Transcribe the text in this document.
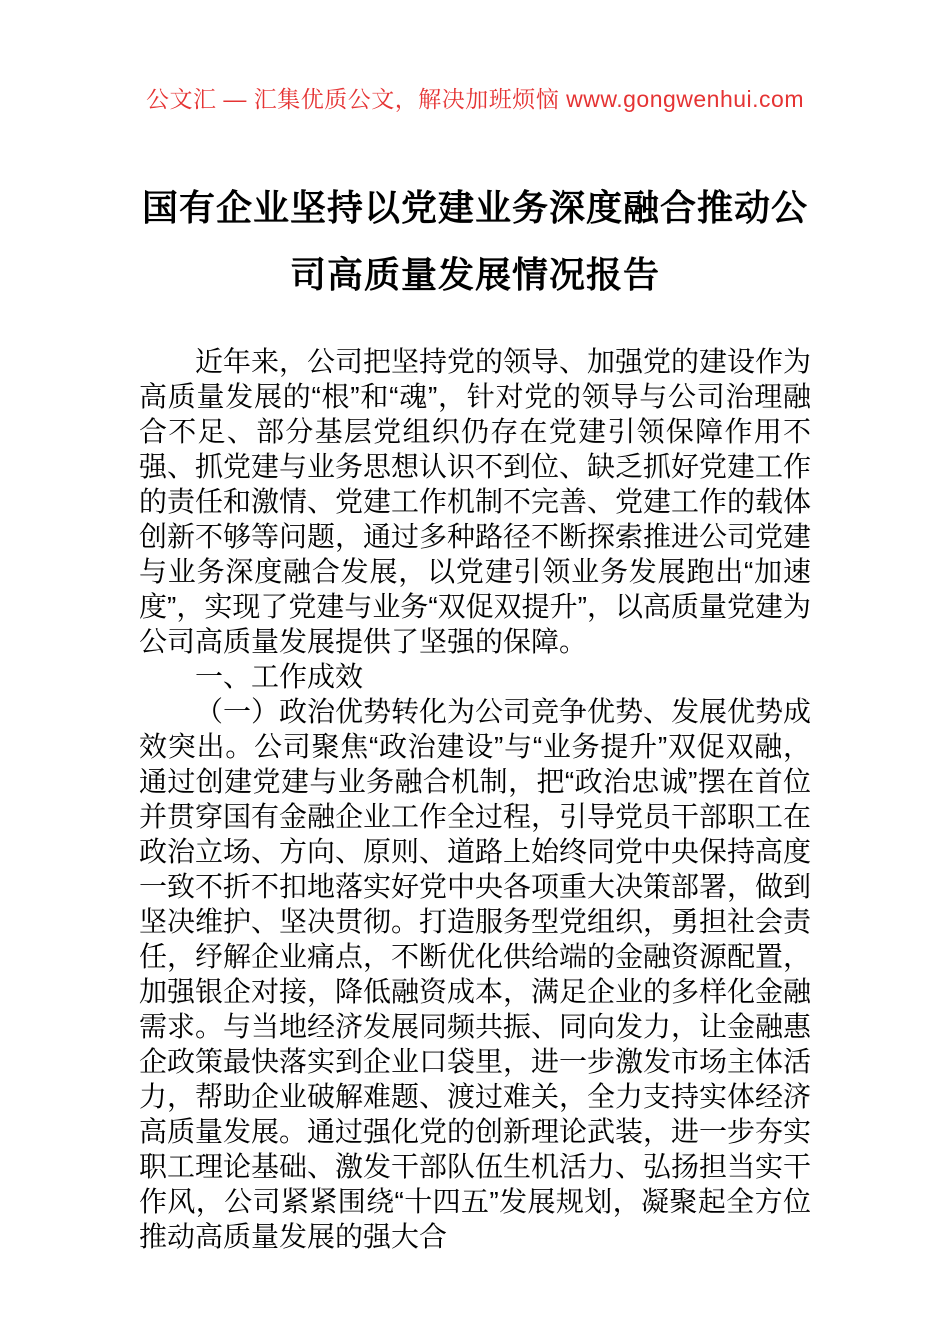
公文汇 — 汇集优质公文，解决加班烦恼 www.gongwenhui.com
国有企业坚持以党建业务深度融合推动公
司高质量发展情况报告

近年来，公司把坚持党的领导、加强党的建设作为高质量发展的“根”和“魂”，针对党的领导与公司治理融合不足、部分基层党组织仍存在党建引领保障作用不强、抓党建与业务思想认识不到位、缺乏抓好党建工作的责任和激情、党建工作机制不完善、党建工作的载体创新不够等问题，通过多种路径不断探索推进公司党建与业务深度融合发展，以党建引领业务发展跑出“加速度”，实现了党建与业务“双促双提升”，以高质量党建为公司高质量发展提供了坚强的保障。

一、工作成效

（一）政治优势转化为公司竞争优势、发展优势成效突出。公司聚焦“政治建设”与“业务提升”双促双融，通过创建党建与业务融合机制，把“政治忠诚”摆在首位并贯穿国有金融企业工作全过程，引导党员干部职工在政治立场、方向、原则、道路上始终同党中央保持高度一致不折不扣地落实好党中央各项重大决策部署，做到坚决维护、坚决贯彻。打造服务型党组织，勇担社会责任，纾解企业痛点，不断优化供给端的金融资源配置，加强银企对接，降低融资成本，满足企业的多样化金融需求。与当地经济发展同频共振、同向发力，让金融惠企政策最快落实到企业口袋里，进一步激发市场主体活力，帮助企业破解难题、渡过难关，全力支持实体经济高质量发展。通过强化党的创新理论武装，进一步夯实职工理论基础、激发干部队伍生机活力、弘扬担当实干作风，公司紧紧围绕“十四五”发展规划，凝聚起全方位推动高质量发展的强大合
